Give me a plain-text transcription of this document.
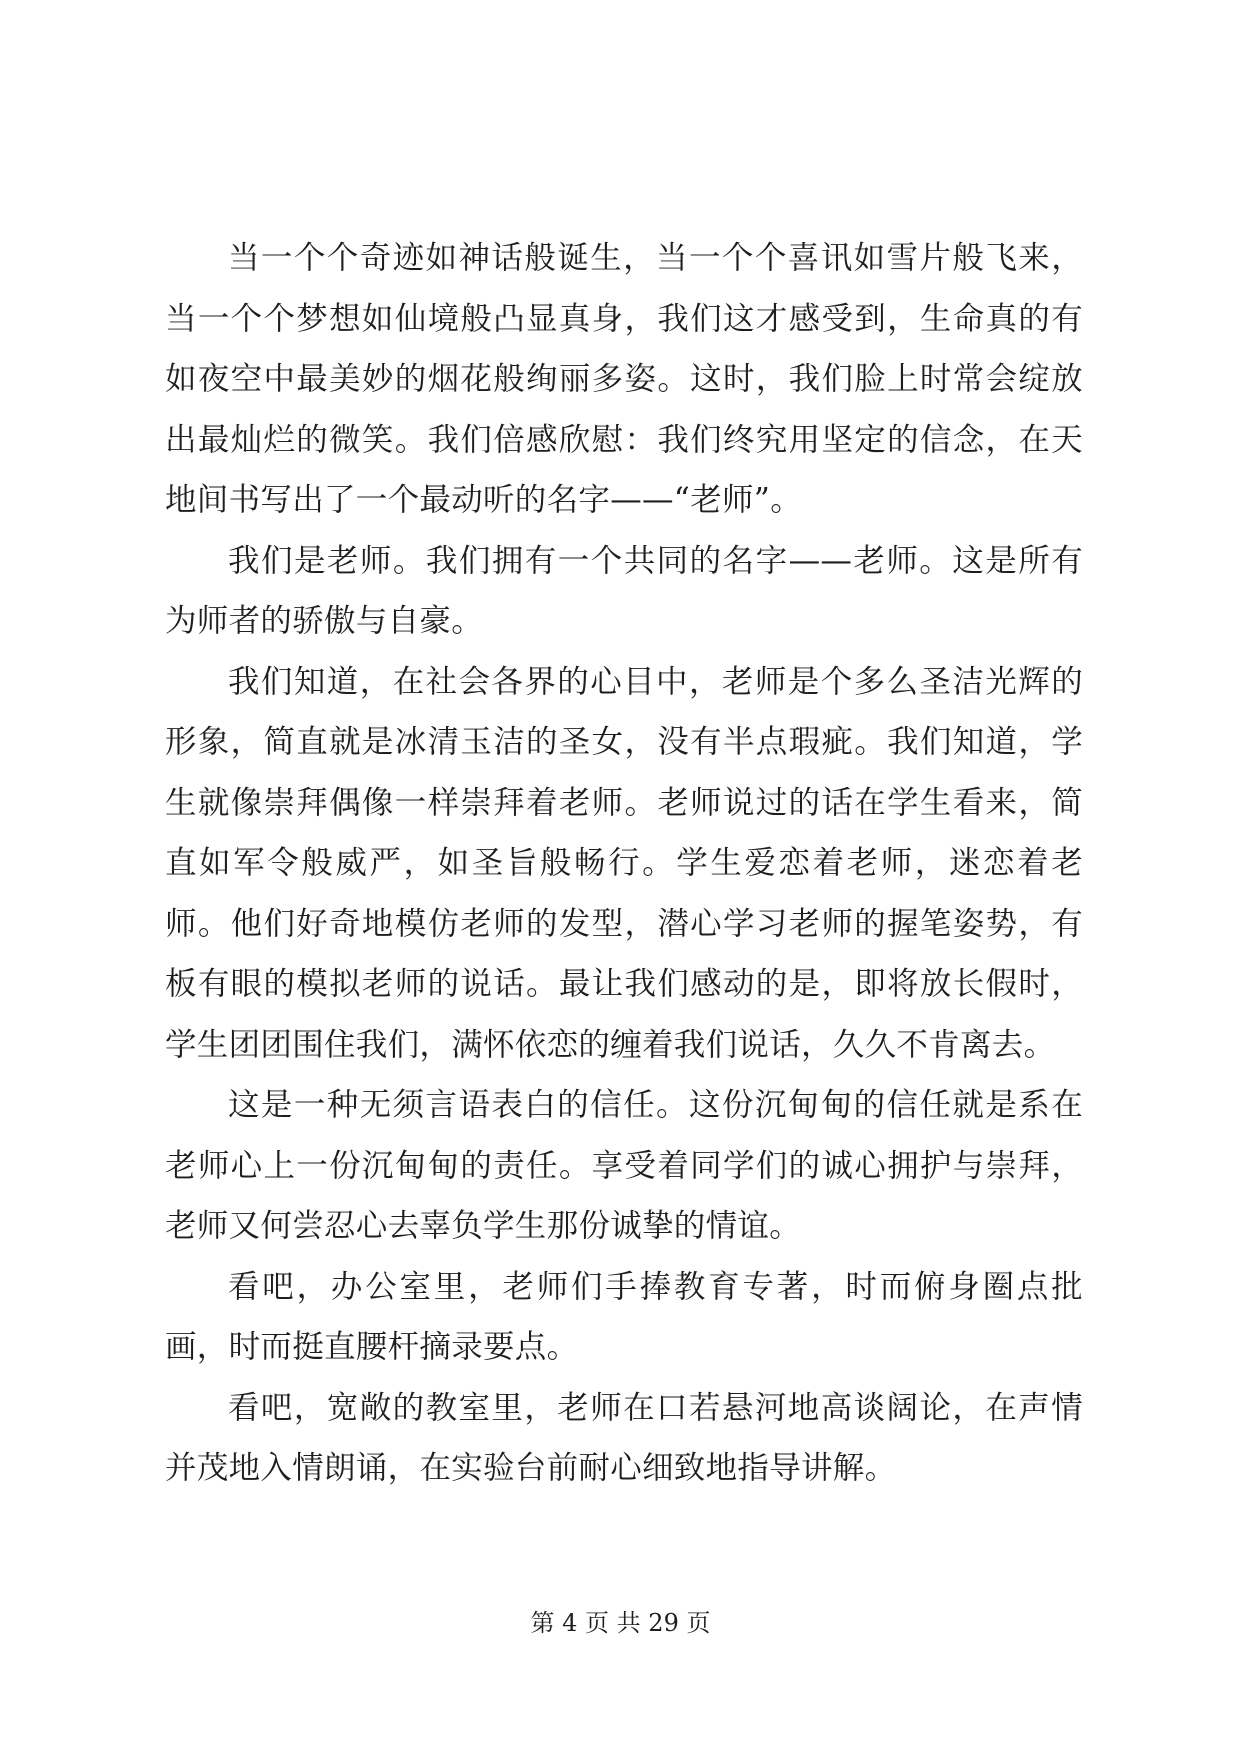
当一个个奇迹如神话般诞生，当一个个喜讯如雪片般飞来，当一个个梦想如仙境般凸显真身，我们这才感受到，生命真的有如夜空中最美妙的烟花般绚丽多姿。这时，我们脸上时常会绽放出最灿烂的微笑。我们倍感欣慰：我们终究用坚定的信念，在天地间书写出了一个最动听的名字——“老师”。

我们是老师。我们拥有一个共同的名字——老师。这是所有为师者的骄傲与自豪。

我们知道，在社会各界的心目中，老师是个多么圣洁光辉的形象，简直就是冰清玉洁的圣女，没有半点瑕疵。我们知道，学生就像崇拜偶像一样崇拜着老师。老师说过的话在学生看来，简直如军令般威严，如圣旨般畅行。学生爱恋着老师，迷恋着老师。他们好奇地模仿老师的发型，潜心学习老师的握笔姿势，有板有眼的模拟老师的说话。最让我们感动的是，即将放长假时，学生团团围住我们，满怀依恋的缠着我们说话，久久不肯离去。

这是一种无须言语表白的信任。这份沉甸甸的信任就是系在老师心上一份沉甸甸的责任。享受着同学们的诚心拥护与崇拜，老师又何尝忍心去辜负学生那份诚挚的情谊。

看吧，办公室里，老师们手捧教育专著，时而俯身圈点批画，时而挺直腰杆摘录要点。

看吧，宽敞的教室里，老师在口若悬河地高谈阔论，在声情并茂地入情朗诵，在实验台前耐心细致地指导讲解。

第 4 页 共 29 页
